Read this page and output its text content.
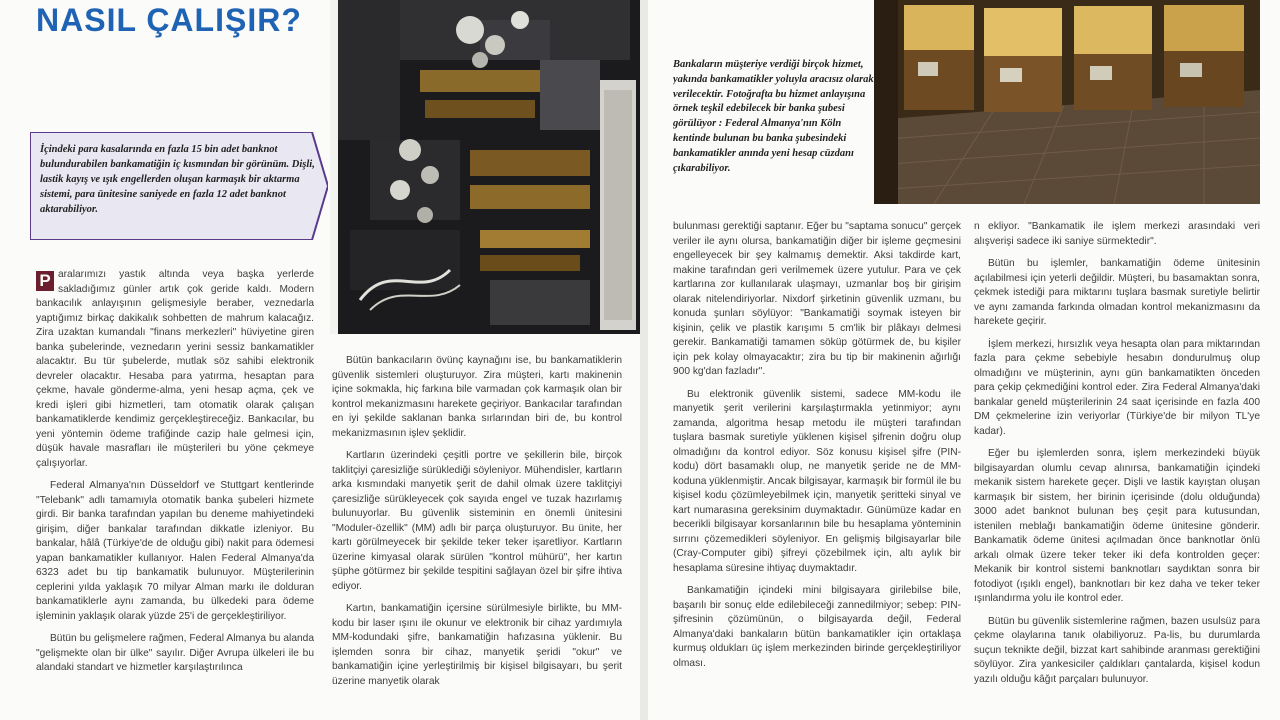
NASIL ÇALIŞIR?
İçindeki para kasalarında en fazla 15 bin adet banknot bulundurabilen bankamatiğin iç kısmından bir görünüm. Dişli, lastik kayış ve ışık engellerden oluşan karmaşık bir aktarma sistemi, para ünitesine saniyede en fazla 12 adet banknot aktarabiliyor.

P aralarımızı yastık altında veya başka yerlerde sakladığımız günler artık çok geride kaldı. Modern bankacılık anlayışının gelişmesiyle beraber, veznedarla yaptığımız birkaç dakikalık sohbetten de mahrum kalacağız. Zira uzaktan kumandalı "finans merkezleri" hüviyetine giren banka şubelerinde, veznedarın yerini sessiz bankamatikler alacaktır. Bu tür şubelerde, mutlak söz sahibi elektronik devreler olacaktır. Hesaba para yatırma, hesaptan para çekme, havale gönderme-alma, yeni hesap açma, çek ve kredi işleri gibi hizmetleri, tam otomatik olarak çalışan bankamatiklerde kendimiz gerçekleştireceğiz. Bankacılar, bu yeni yöntemin ödeme trafiğinde cazip hale gelmesi için, düşük havale masrafları ile müşterileri bu yöne çekmeye çalışıyorlar.

Federal Almanya'nın Düsseldorf ve Stuttgart kentlerinde "Telebank" adlı tamamıyla otomatik banka şubeleri hizmete girdi. Bir banka tarafından yapılan bu deneme mahiyetindeki girişim, diğer bankalar tarafından dikkatle izleniyor. Bu bankalar, hâlâ (Türkiye'de de olduğu gibi) nakit para ödemesi yapan bankamatikler kullanıyor. Halen Federal Almanya'da 6323 adet bu tip bankamatik bulunuyor. Müşterilerinin ceplerini yılda yaklaşık 70 milyar Alman markı ile dolduran bankamatiklerle aynı zamanda, bu ülkedeki para ödeme işleminin yaklaşık olarak yüzde 25'i de gerçekleştiriliyor.

Bütün bu gelişmelere rağmen, Federal Almanya bu alanda "gelişmekte olan bir ülke" sayılır. Diğer Avrupa ülkeleri ile bu alandaki standart ve hizmetler karşılaştırılınca

Bütün bankacıların övünç kaynağını ise, bu bankamatiklerin güvenlik sistemleri oluşturuyor. Zira müşteri, kartı makinenin içine sokmakla, hiç farkına bile varmadan çok karmaşık olan bir kontrol mekanizmasını harekete geçiriyor. Bankacılar tarafından en iyi şekilde saklanan banka sırlarından biri de, bu kontrol mekanizmasının işlev şeklidir.

Kartların üzerindeki çeşitli portre ve şekillerin bile, birçok taklitçiyi çaresizliğe sürüklediği söyleniyor. Mühendisler, kartların arka kısmındaki manyetik şerit de dahil olmak üzere taklitçiyi çaresizliğe sürükleyecek çok sayıda engel ve tuzak hazırlamış bulunuyorlar. Bu güvenlik sisteminin en önemli ünitesini "Moduler-özellik" (MM) adlı bir parça oluşturuyor. Bu ünite, her kartı görülmeyecek bir şekilde teker teker işaretliyor. Kartların üzerine kimyasal olarak sürülen "kontrol mühürü", her kartın şüphe götürmez bir şekilde tespitini sağlayan özel bir şifre ihtiva ediyor.

Kartın, bankamatiğin içersine sürülmesiyle birlikte, bu MM-kodu bir laser ışını ile okunur ve elektronik bir cihaz yardımıyla MM-kodundaki şifre, bankamatiğin hafızasına yüklenir. Bu işlemden sonra bir cihaz, manyetik şeridi "okur" ve bankamatiğin içine yerleştirilmiş bir kişisel bilgisayarı, bu şerit üzerine manyetik olarak

Bankaların müşteriye verdiği birçok hizmet, yakında bankamatikler yoluyla aracısız olarak verilecektir. Fotoğrafta bu hizmet anlayışına örnek teşkil edebilecek bir banka şubesi görülüyor : Federal Almanya'nın Köln kentinde bulunan bu banka şubesindeki bankamatikler anında yeni hesap cüzdanı çıkarabiliyor.

bulunması gerektiği saptanır. Eğer bu "saptama sonucu" gerçek veriler ile aynı olursa, bankamatiğin diğer bir işleme geçmesini engelleyecek bir şey kalmamış demektir. Aksi takdirde kart, makine tarafından geri verilmemek üzere yutulur. Para ve çek kartlarına zor kullanılarak ulaşmayı, uzmanlar boş bir girişim olarak nitelendiriyorlar. Nixdorf şirketinin güvenlik uzmanı, bu konuda şunları söylüyor: "Bankamatiği soymak isteyen bir kişinin, çelik ve plastik karışımı 5 cm'lik bir plâkayı delmesi gerekir. Bankamatiği tamamen söküp götürmek de, bu kişiler için pek kolay olmayacaktır; zira bu tip bir makinenin ağırlığı 900 kg'dan fazladır".

Bu elektronik güvenlik sistemi, sadece MM-kodu ile manyetik şerit verilerini karşılaştırmakla yetinmiyor; aynı zamanda, algoritma hesap metodu ile müşteri tarafından tuşlara basmak suretiyle yüklenen kişisel şifrenin doğru olup olmadığını da kontrol ediyor. Söz konusu kişisel şifre (PIN-kodu) dört basamaklı olup, ne manyetik şeride ne de MM-koduna yüklenmiştir. Ancak bilgisayar, karmaşık bir formül ile bu kişisel kodu çözümleyebilmek için, manyetik şeritteki sinyal ve kart numarasına gereksinim duymaktadır. Günümüze kadar en becerikli bilgisayar korsanlarının bile bu hesaplama yönteminin sırrını çözemedikleri söyleniyor. En gelişmiş bilgisayarlar bile (Cray-Computer gibi) şifreyi çözebilmek için, altı aylık bir hesaplama süresine ihtiyaç duymaktadır.

Bankamatiğin içindeki mini bilgisayara girilebilse bile, başarılı bir sonuç elde edilebileceği zannedilmiyor; sebep: PIN-şifresinin çözümünün, o bilgisayarda değil, Federal Almanya'daki bankaların bütün bankamatikler için ortaklaşa kurmuş oldukları üç işlem merkezinden birinde gerçekleştiriliyor olması.

n ekliyor. "Bankamatik ile işlem merkezi arasındaki veri alışverişi sadece iki saniye sürmektedir".

Bütün bu işlemler, bankamatiğin ödeme ünitesinin açılabilmesi için yeterli değildir. Müşteri, bu basamaktan sonra, çekmek istediği para miktarını tuşlara basmak suretiyle belirtir ve aynı zamanda farkında olmadan kontrol mekanizmasını da harekete geçirir.

İşlem merkezi, hırsızlık veya hesapta olan para miktarından fazla para çekme sebebiyle hesabın dondurulmuş olup olmadığını ve müşterinin, aynı gün bankamatikten önceden para çekip çekmediğini kontrol eder. Zira Federal Almanya'daki bankalar geneld müşterilerinin 24 saat içerisinde en fazla 400 DM çekmelerine izin veriyorlar (Türkiye'de bir milyon TL'ye kadar).

Eğer bu işlemlerden sonra, işlem merkezindeki büyük bilgisayardan olumlu cevap alınırsa, bankamatiğin içindeki mekanik sistem harekete geçer. Dişli ve lastik kayıştan oluşan karmaşık bir sistem, her birinin içerisinde (dolu olduğunda) 3000 adet banknot bulunan beş çeşit para kutusundan, istenilen meblağı bankamatiğin ödeme ünitesine gönderir. Bankamatik ödeme ünitesi açılmadan önce banknotlar önlü arkalı olmak üzere teker teker iki defa kontrolden geçer: Mekanik bir kontrol sistemi banknotları saydıktan sonra bir fotodiyot (ışıklı engel), banknotları bir kez daha ve teker teker ışınlandırma yolu ile kontrol eder.

Bütün bu güvenlik sistemlerine rağmen, bazen usulsüz para çekme olaylarına tanık olabiliyoruz. Pa-lis, bu durumlarda suçun teknikte değil, bizzat kart sahibinde aranması gerektiğini söylüyor. Zira yankesiciler çaldıkları çantalarda, kişisel kodun yazılı olduğu kâğıt parçaları bulunuyor.
